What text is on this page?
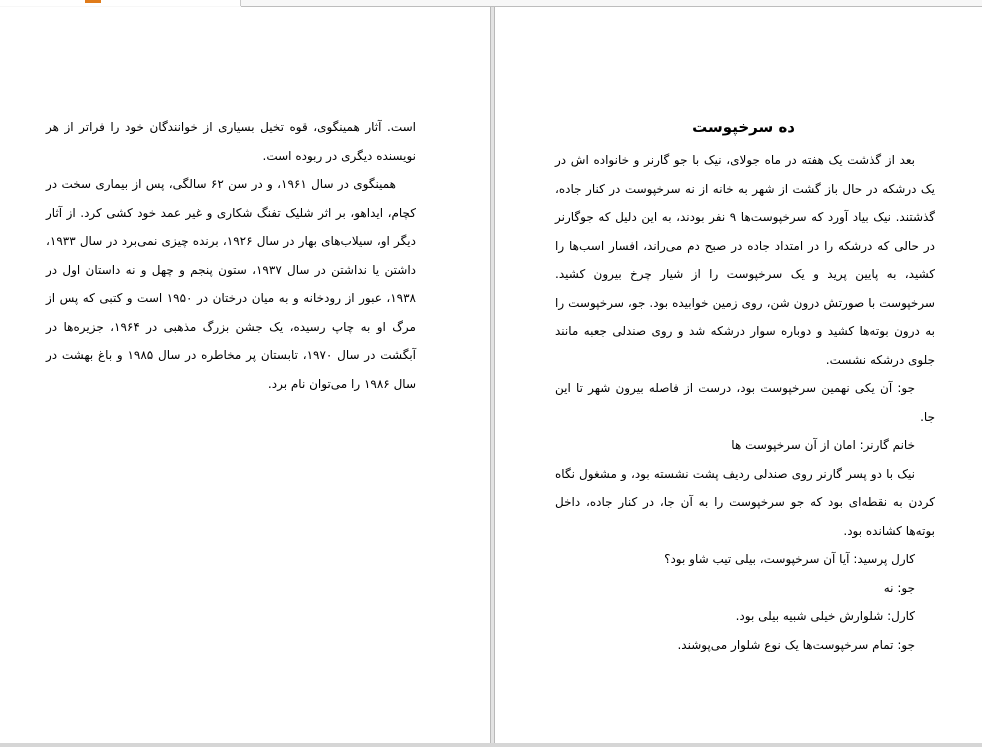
است. آثار همینگوی، قوه تخیل بسیاری از خوانندگان خود را فراتر از هر نویسنده دیگری در ربوده است.

همینگوی در سال ۱۹۶۱، و در سن ۶۲ سالگی، پس از بیماری سخت در کچام، ایداهو، بر اثر شلیک تفنگ شکاری و غیر عمد خود کشی کرد. از آثار دیگر او، سیلاب‌های بهار در سال ۱۹۲۶، برنده چیزی نمی‌برد در سال ۱۹۳۳، داشتن یا نداشتن در سال ۱۹۳۷، ستون پنجم و چهل و نه داستان اول در ۱۹۳۸، عبور از رودخانه و به میان درختان در ۱۹۵۰ است و کتبی که پس از مرگ او به چاپ رسیده، یک جشن بزرگ مذهبی در ۱۹۶۴، جزیره‌ها در آبگشت در سال ۱۹۷۰، تابستان پر مخاطره در سال ۱۹۸۵ و باغ بهشت در سال ۱۹۸۶ را می‌توان نام برد.

ده سرخپوست

بعد از گذشت یک هفته در ماه جولای، نیک با جو گارنر و خانواده اش در یک درشکه در حال باز گشت از شهر به خانه از نه سرخپوست در کنار جاده، گذشتند. نیک بیاد آورد که سرخپوست‌ها ۹ نفر بودند، به این دلیل که جوگارنر در حالی که درشکه را در امتداد جاده در صبح دم می‌راند، افسار اسب‌ها را کشید، به پایین پرید و یک سرخپوست را از شیار چرخ بیرون کشید. سرخپوست با صورتش درون شن، روی زمین خوابیده بود. جو، سرخپوست را به درون بوته‌ها کشید و دوباره سوار درشکه شد و روی صندلی جعبه مانند جلوی درشکه نشست.

جو: آن یکی نهمین سرخپوست بود، درست از فاصله بیرون شهر تا این جا.

خانم گارنر: امان از آن سرخپوست ها

نیک با دو پسر گارنر روی صندلی ردیف پشت نشسته بود، و مشغول نگاه کردن به نقطه‌ای بود که جو سرخپوست را به آن جا، در کنار جاده، داخل بوته‌ها کشانده بود.

کارل پرسید: آیا آن سرخپوست، بیلی تیب شاو بود؟

جو: نه

کارل: شلوارش خیلی شبیه بیلی بود.

جو: تمام سرخپوست‌ها یک نوع شلوار می‌پوشند.
